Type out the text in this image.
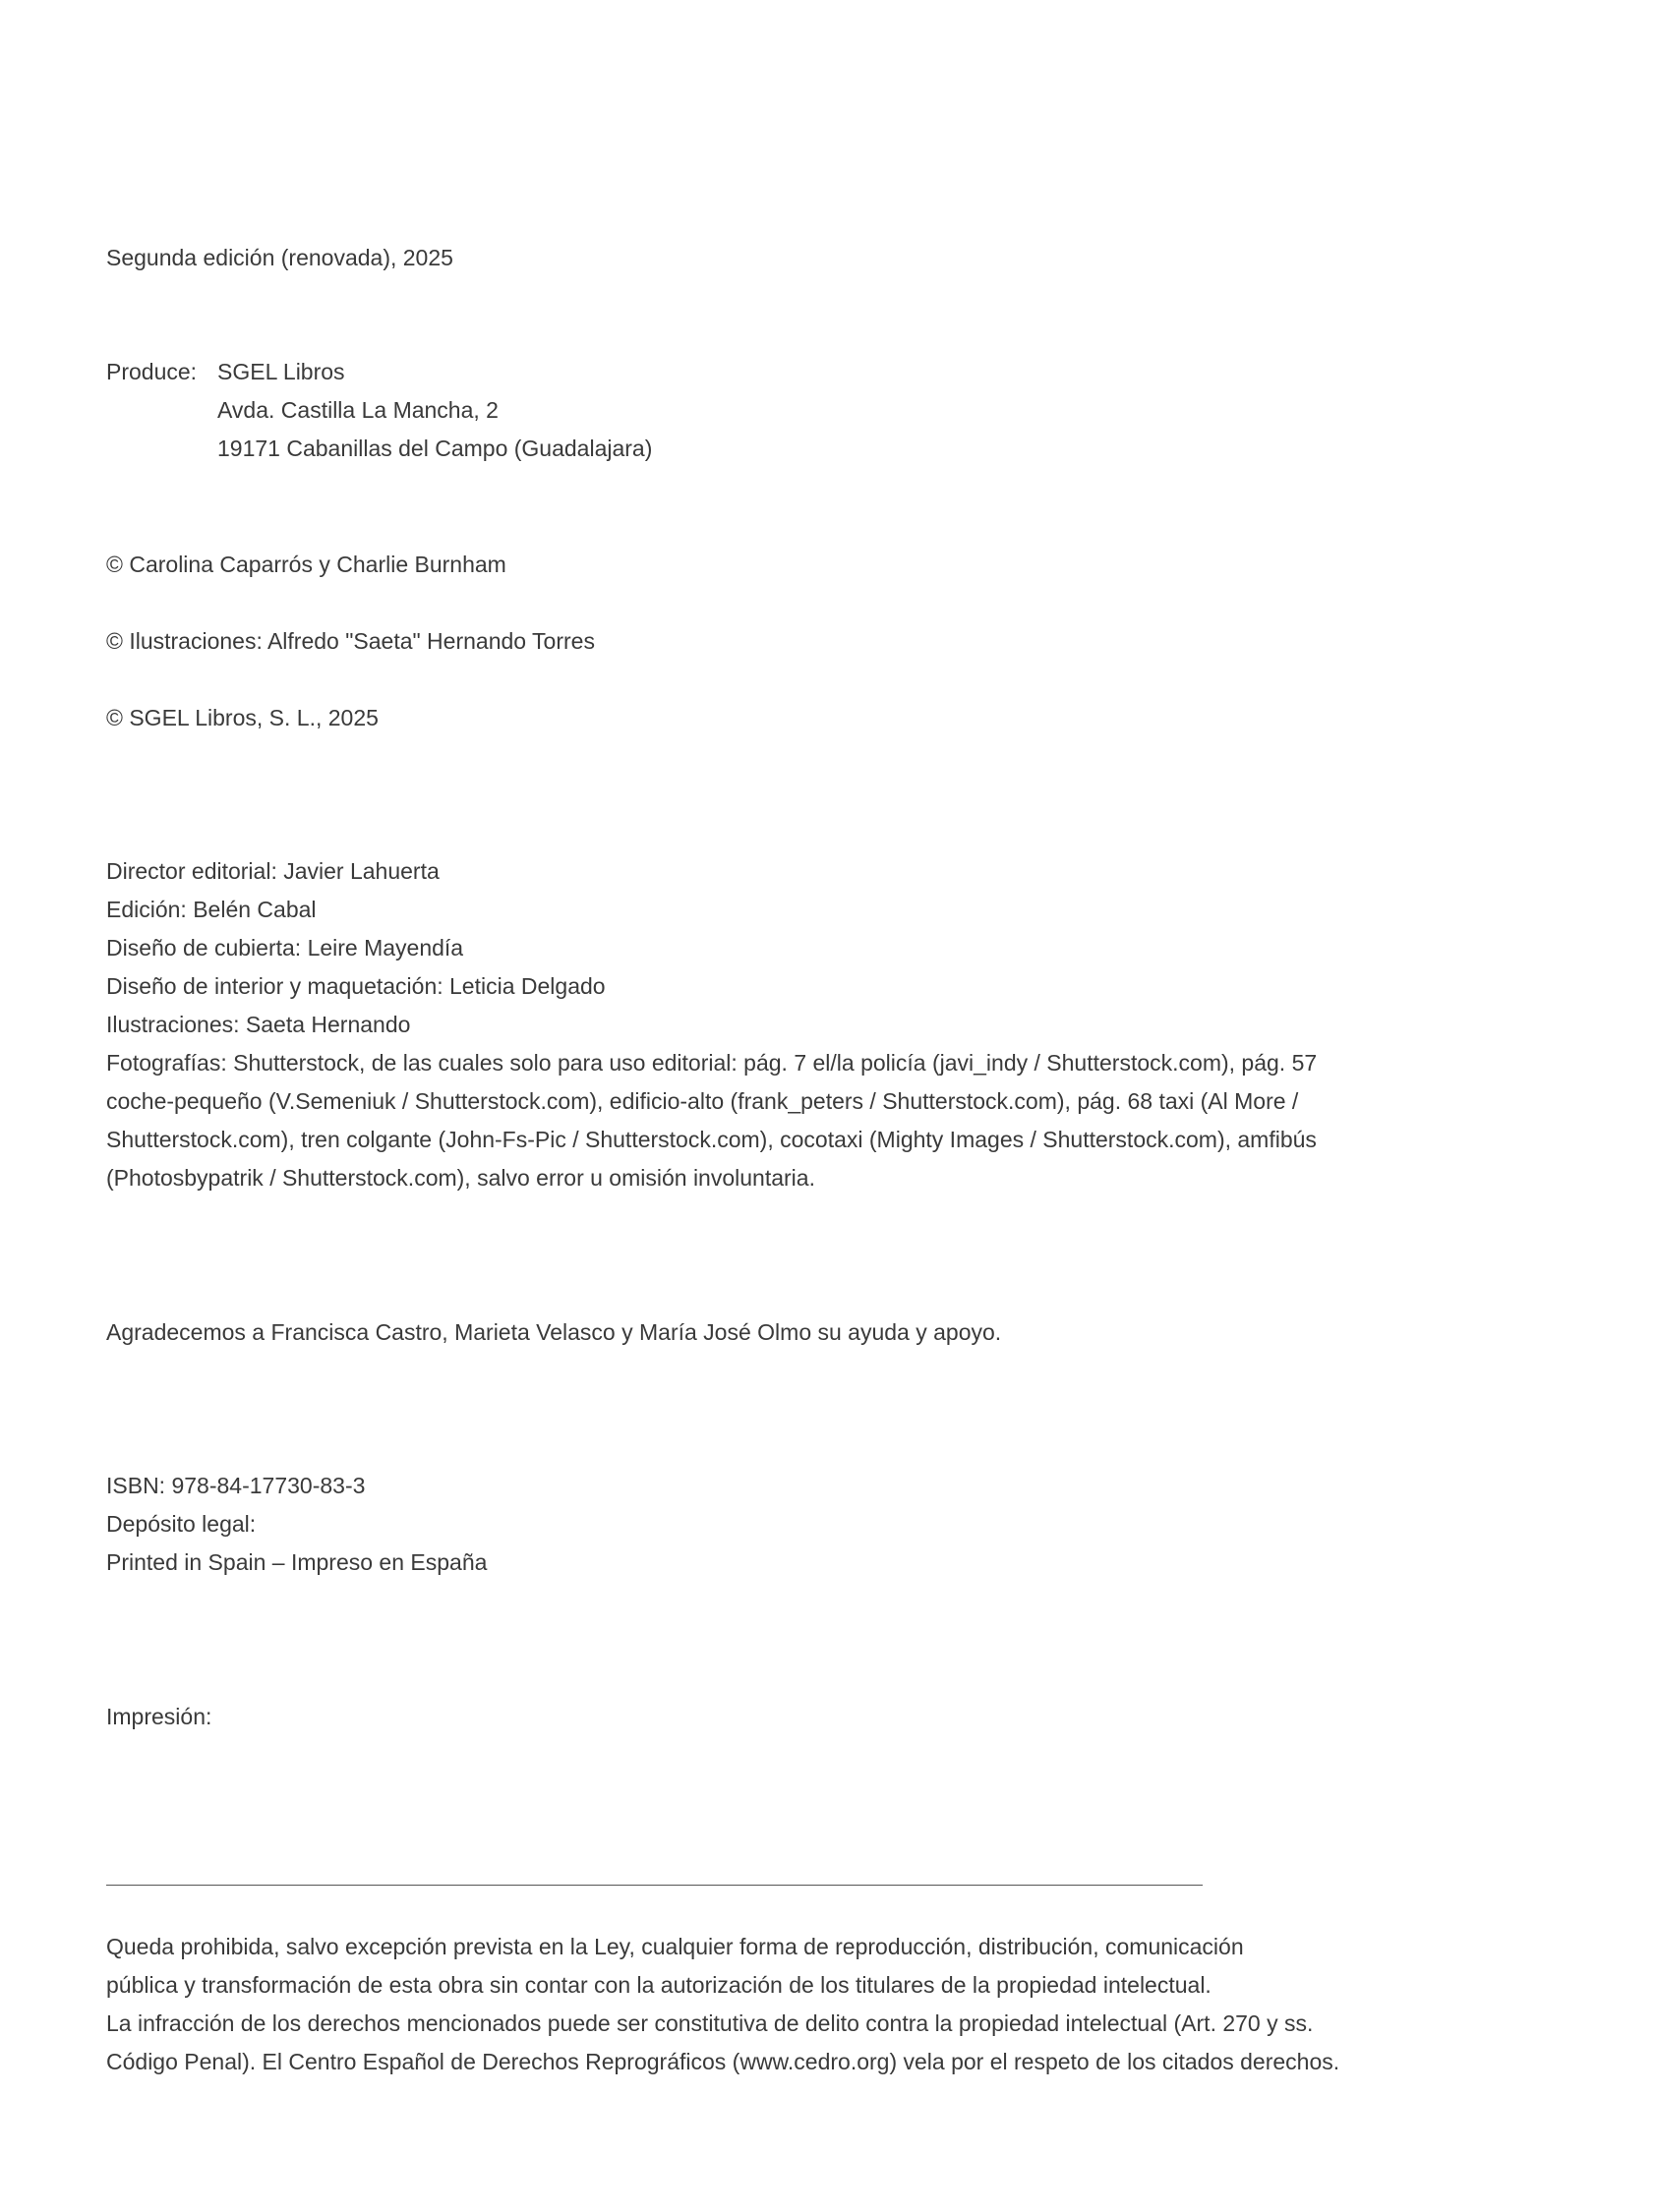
Segunda edición (renovada), 2025
Produce: SGEL Libros
Avda. Castilla La Mancha, 2
19171 Cabanillas del Campo (Guadalajara)
© Carolina Caparrós y Charlie Burnham
© Ilustraciones: Alfredo "Saeta" Hernando Torres
© SGEL Libros, S. L., 2025
Director editorial: Javier Lahuerta
Edición: Belén Cabal
Diseño de cubierta: Leire Mayendía
Diseño de interior y maquetación: Leticia Delgado
Ilustraciones: Saeta Hernando
Fotografías: Shutterstock, de las cuales solo para uso editorial: pág. 7 el/la policía (javi_indy / Shutterstock.com), pág. 57
coche-pequeño (V.Semeniuk / Shutterstock.com), edificio-alto (frank_peters / Shutterstock.com), pág. 68 taxi (Al More /
Shutterstock.com), tren colgante (John-Fs-Pic / Shutterstock.com), cocotaxi (Mighty Images / Shutterstock.com), amfibús
(Photosbypatrik / Shutterstock.com), salvo error u omisión involuntaria.
Agradecemos a Francisca Castro, Marieta Velasco y María José Olmo su ayuda y apoyo.
ISBN: 978-84-17730-83-3
Depósito legal:
Printed in Spain – Impreso en España
Impresión:
Queda prohibida, salvo excepción prevista en la Ley, cualquier forma de reproducción, distribución, comunicación
pública y transformación de esta obra sin contar con la autorización de los titulares de la propiedad intelectual.
La infracción de los derechos mencionados puede ser constitutiva de delito contra la propiedad intelectual (Art. 270 y ss.
Código Penal). El Centro Español de Derechos Reprográficos (www.cedro.org) vela por el respeto de los citados derechos.
